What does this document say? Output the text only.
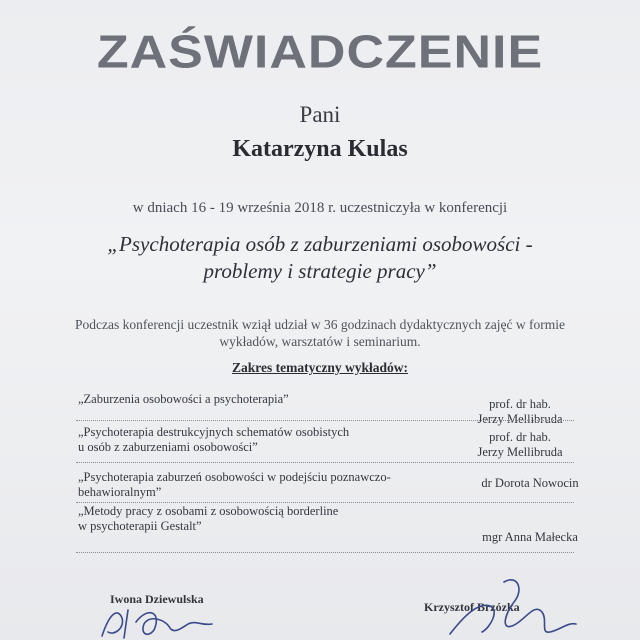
ZAŚWIADCZENIE
Pani
Katarzyna Kulas
w dniach 16 - 19 września 2018 r. uczestniczyła w konferencji
„Psychoterapia osób z zaburzeniami osobowości -
problemy i strategie pracy”
Podczas konferencji uczestnik wziął udział w 36 godzinach dydaktycznych zajęć w formie
wykładów, warsztatów i seminarium.
Zakres tematyczny wykładów:
„Zaburzenia osobowości a psychoterapia”	prof. dr hab.
Jerzy Mellibruda
„Psychoterapia destrukcyjnych schematów osobistych
u osób z zaburzeniami osobowości”
prof. dr hab.
Jerzy Mellibruda
„Psychoterapia zaburzeń osobowości w podejściu poznawczo-
behawioralnym”
dr Dorota Nowocin
„Metody pracy z osobami z osobowością borderline
w psychoterapii Gestalt”
mgr Anna Małecka
Iwona Dziewulska
Krzysztof Brzózka
